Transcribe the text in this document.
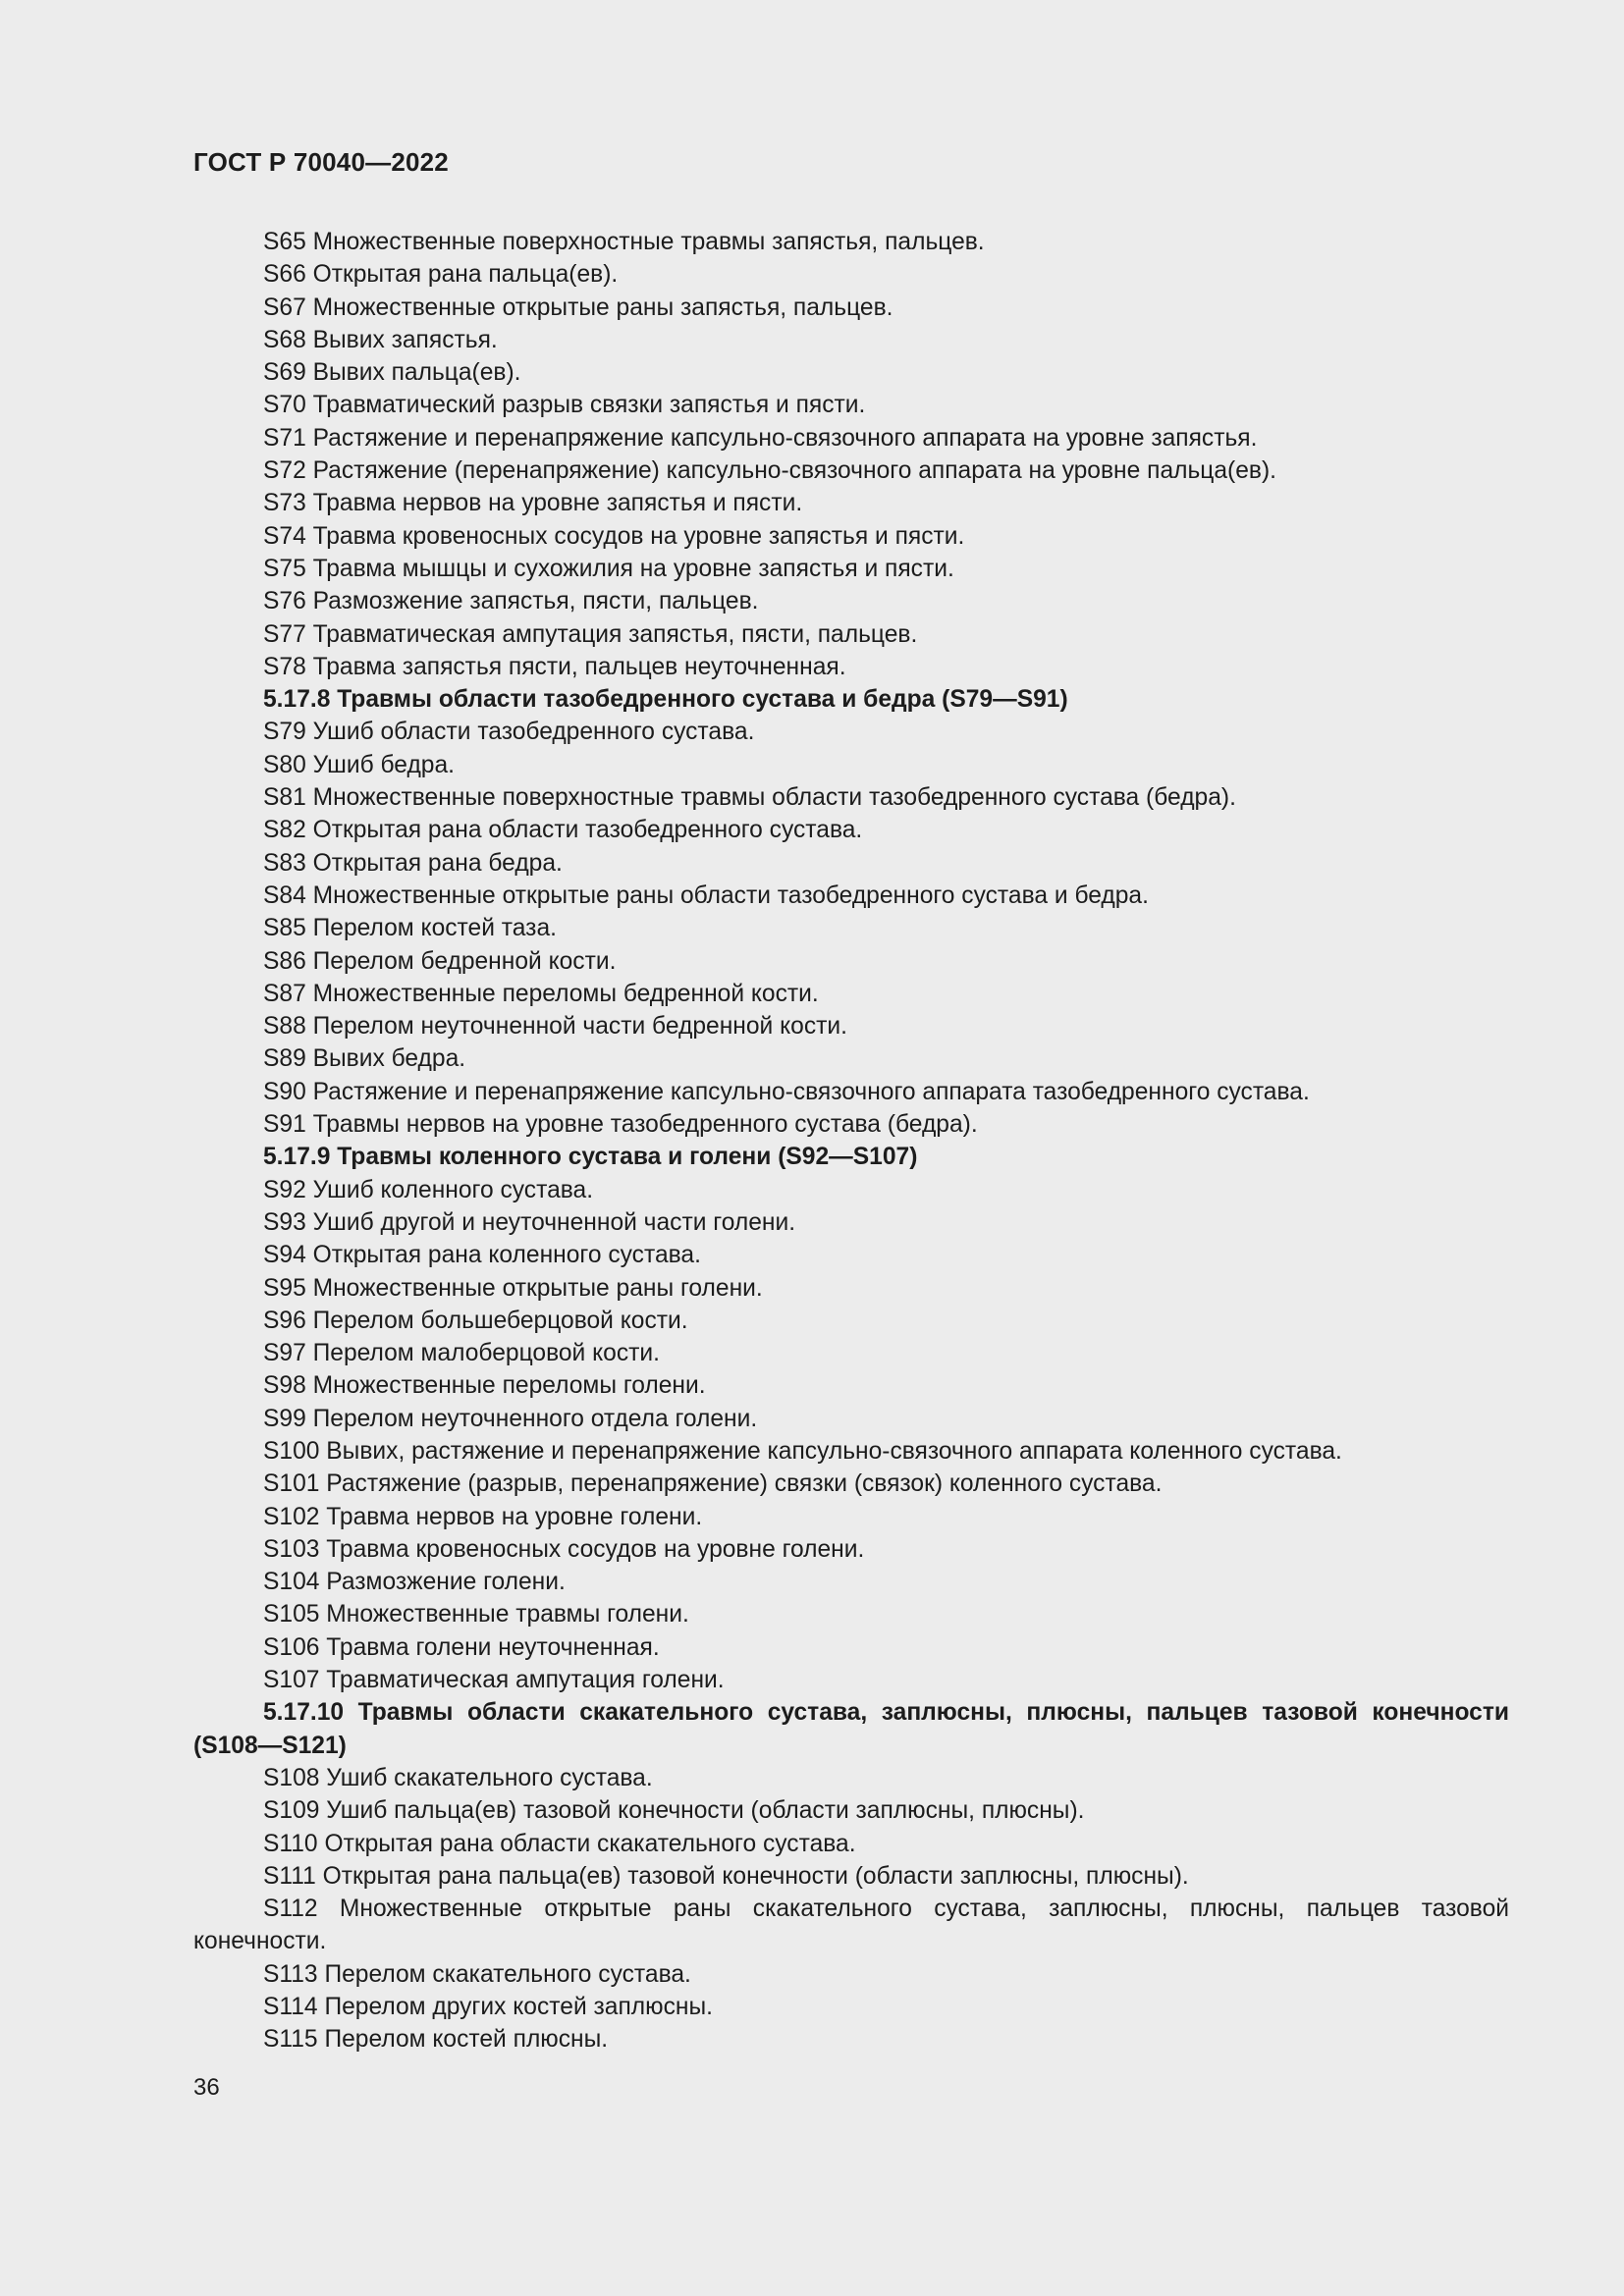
ГОСТ Р 70040—2022
S65 Множественные поверхностные травмы запястья, пальцев.
S66 Открытая рана пальца(ев).
S67 Множественные открытые раны запястья, пальцев.
S68 Вывих запястья.
S69 Вывих пальца(ев).
S70 Травматический разрыв связки запястья и пясти.
S71 Растяжение и перенапряжение капсульно-связочного аппарата на уровне запястья.
S72 Растяжение (перенапряжение) капсульно-связочного аппарата на уровне пальца(ев).
S73 Травма нервов на уровне запястья и пясти.
S74 Травма кровеносных сосудов на уровне запястья и пясти.
S75 Травма мышцы и сухожилия на уровне запястья и пясти.
S76 Размозжение запястья, пясти, пальцев.
S77 Травматическая ампутация запястья, пясти, пальцев.
S78 Травма запястья пясти, пальцев неуточненная.
5.17.8 Травмы области тазобедренного сустава и бедра (S79—S91)
S79 Ушиб области тазобедренного сустава.
S80 Ушиб бедра.
S81 Множественные поверхностные травмы области тазобедренного сустава (бедра).
S82 Открытая рана области тазобедренного сустава.
S83 Открытая рана бедра.
S84 Множественные открытые раны области тазобедренного сустава и бедра.
S85 Перелом костей таза.
S86 Перелом бедренной кости.
S87 Множественные переломы бедренной кости.
S88 Перелом неуточненной части бедренной кости.
S89 Вывих бедра.
S90 Растяжение и перенапряжение капсульно-связочного аппарата тазобедренного сустава.
S91 Травмы нервов на уровне тазобедренного сустава (бедра).
5.17.9 Травмы коленного сустава и голени (S92—S107)
S92 Ушиб коленного сустава.
S93 Ушиб другой и неуточненной части голени.
S94 Открытая рана коленного сустава.
S95 Множественные открытые раны голени.
S96 Перелом большеберцовой кости.
S97 Перелом малоберцовой кости.
S98 Множественные переломы голени.
S99 Перелом неуточненного отдела голени.
S100 Вывих, растяжение и перенапряжение капсульно-связочного аппарата коленного сустава.
S101 Растяжение (разрыв, перенапряжение) связки (связок) коленного сустава.
S102 Травма нервов на уровне голени.
S103 Травма кровеносных сосудов на уровне голени.
S104 Размозжение голени.
S105 Множественные травмы голени.
S106 Травма голени неуточненная.
S107 Травматическая ампутация голени.
5.17.10 Травмы области скакательного сустава, заплюсны, плюсны, пальцев тазовой конечности (S108—S121)
S108 Ушиб скакательного сустава.
S109 Ушиб пальца(ев) тазовой конечности (области заплюсны, плюсны).
S110 Открытая рана области скакательного сустава.
S111 Открытая рана пальца(ев) тазовой конечности (области заплюсны, плюсны).
S112 Множественные открытые раны скакательного сустава, заплюсны, плюсны, пальцев тазовой конечности.
S113 Перелом скакательного сустава.
S114 Перелом других костей заплюсны.
S115 Перелом костей плюсны.
36
